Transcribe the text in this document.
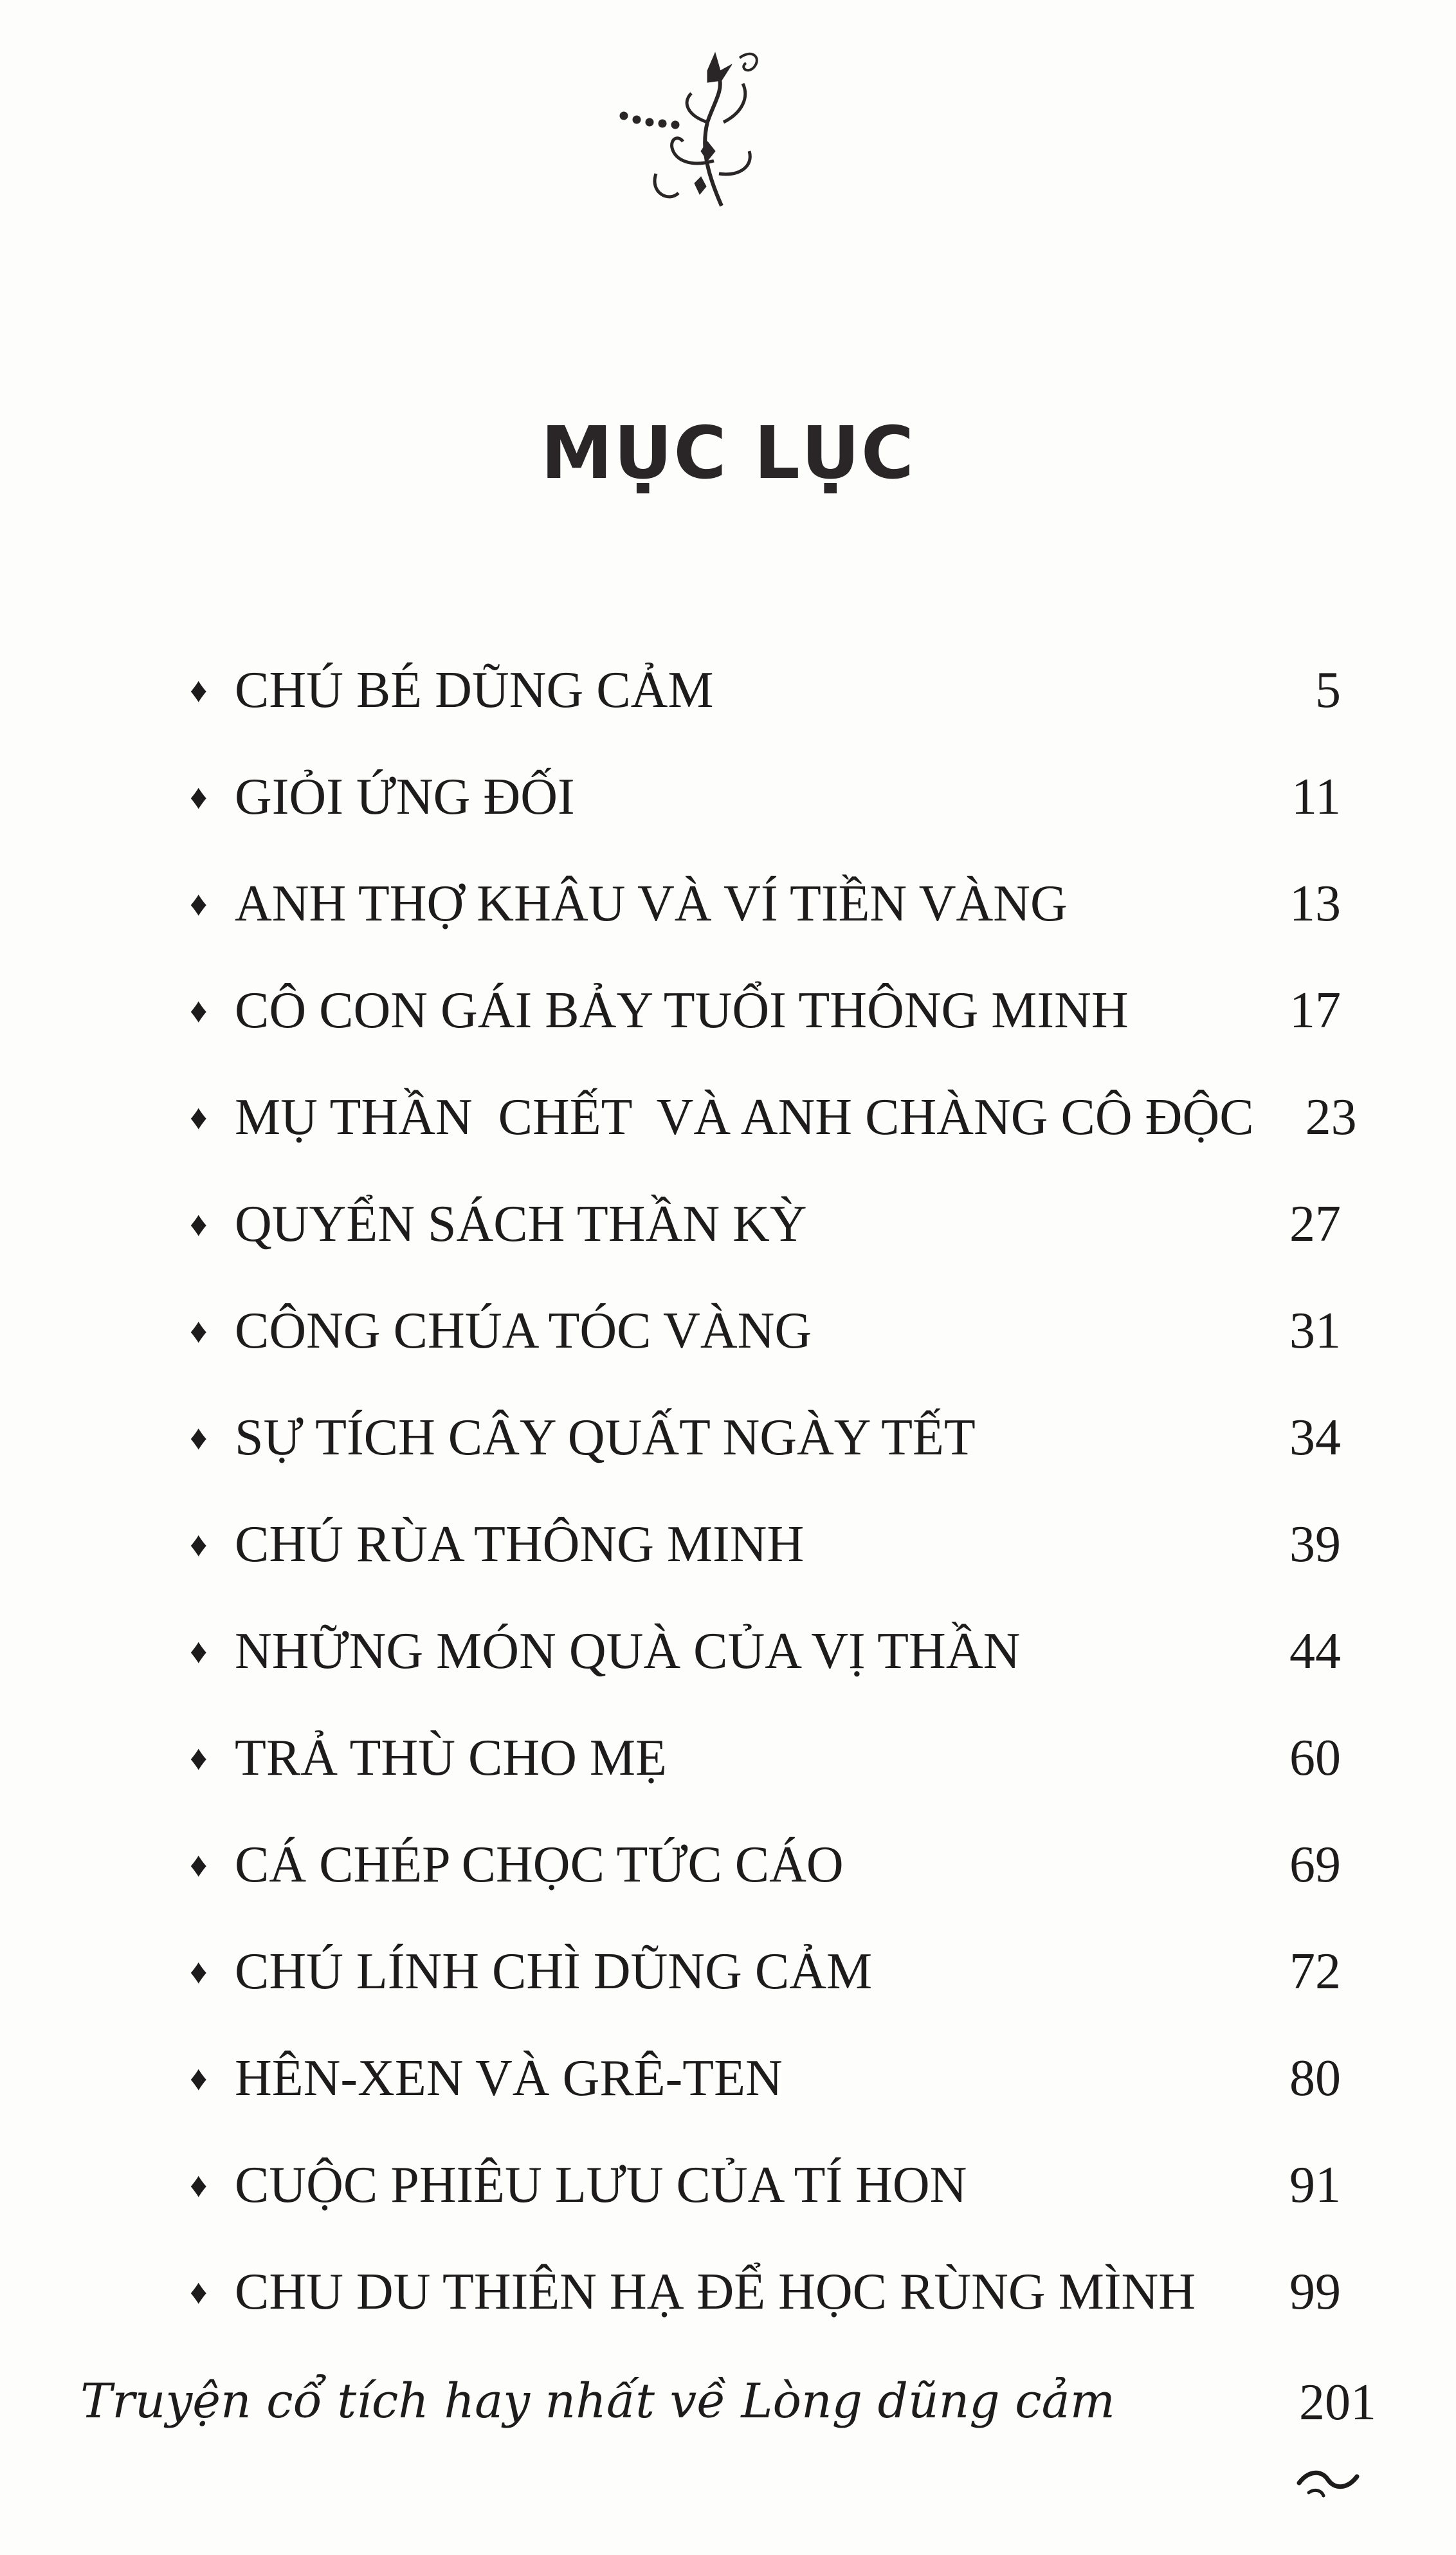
MỤC LỤC
♦ CHÚ BÉ DŨNG CẢM	5
♦ GIỎI ỨNG ĐỐI	11
♦ ANH THỢ KHÂU VÀ VÍ TIỀN VÀNG	13
♦ CÔ CON GÁI BẢY TUỔI THÔNG MINH	17
♦ MỤ THẦN  CHẾT  VÀ ANH CHÀNG CÔ ĐỘC	23
♦ QUYỂN SÁCH THẦN KỲ	27
♦ CÔNG CHÚA TÓC VÀNG	31
♦ SỰ TÍCH CÂY QUẤT NGÀY TẾT	34
♦ CHÚ RÙA THÔNG MINH	39
♦ NHỮNG MÓN QUÀ CỦA VỊ THẦN	44
♦ TRẢ THÙ CHO MẸ	60
♦ CÁ CHÉP CHỌC TỨC CÁO	69
♦ CHÚ LÍNH CHÌ DŨNG CẢM	72
♦ HÊN-XEN VÀ GRÊ-TEN	80
♦ CUỘC PHIÊU LƯU CỦA TÍ HON	91
♦ CHU DU THIÊN HẠ ĐỂ HỌC RÙNG MÌNH	99
Truyện cổ tích hay nhất về Lòng dũng cảm	201
